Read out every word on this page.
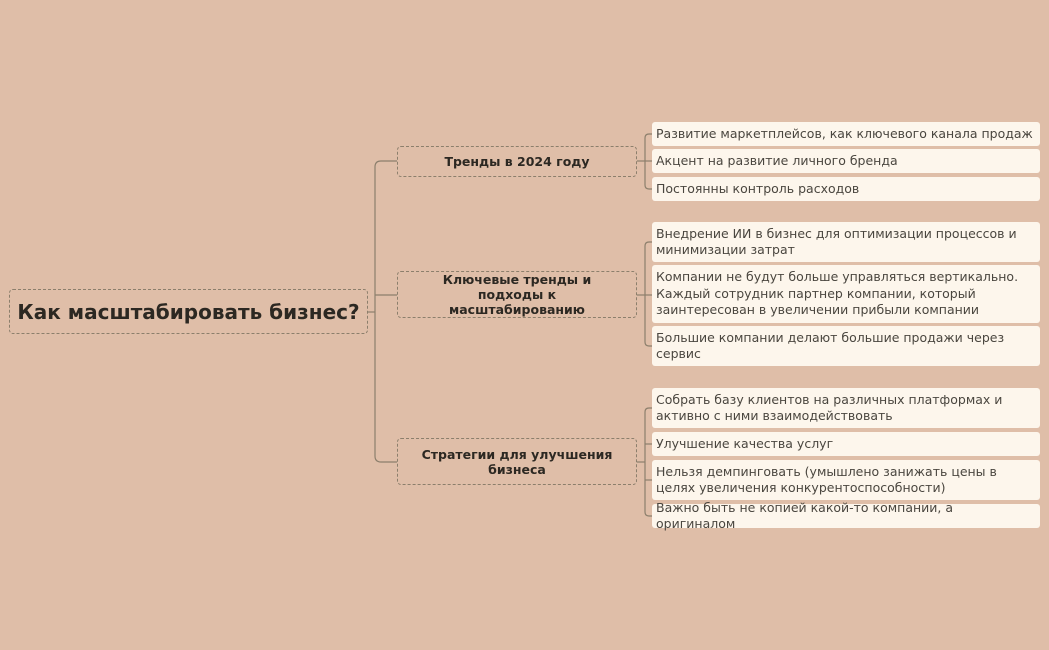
Как масштабировать бизнес?
Тренды в 2024 году
Развитие маркетплейсов, как ключевого канала продаж
Акцент на развитие личного бренда
Постоянны контроль расходов
Ключевые тренды и подходы к масштабированию
Внедрение ИИ в бизнес для оптимизации процессов и минимизации затрат
Компании не будут больше управляться вертикально. Каждый сотрудник партнер компании, который заинтересован в увеличении прибыли компании
Большие компании делают большие продажи через сервис
Стратегии для улучшения бизнеса
Собрать базу клиентов на различных платформах и активно с ними взаимодействовать
Улучшение качества услуг
Нельзя демпинговать (умышлено занижать цены в целях увеличения конкурентоспособности)
Важно быть не копией какой-то компании, а оригиналом
